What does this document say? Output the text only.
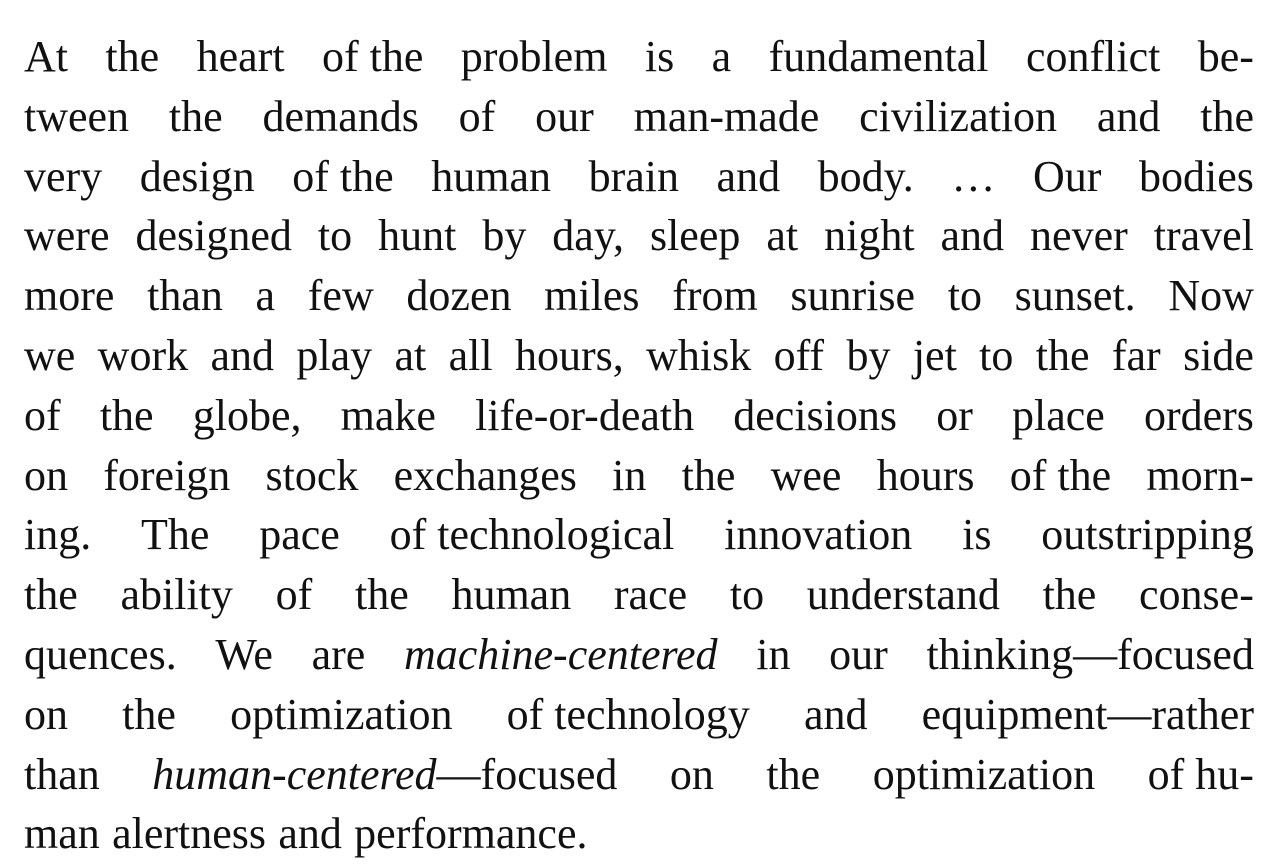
At the heart of the problem is a fundamental conflict be-
tween the demands of our man-made civilization and the
very design of the human brain and body. … Our bodies
were designed to hunt by day, sleep at night and never travel
more than a few dozen miles from sunrise to sunset. Now
we work and play at all hours, whisk off by jet to the far side
of the globe, make life-or-death decisions or place orders
on foreign stock exchanges in the wee hours of the morn-
ing. The pace of technological innovation is outstripping
the ability of the human race to understand the conse-
quences. We are machine-centered in our thinking—focused
on the optimization of technology and equipment—rather
than human-centered—focused on the optimization of hu-
man alertness and performance.
